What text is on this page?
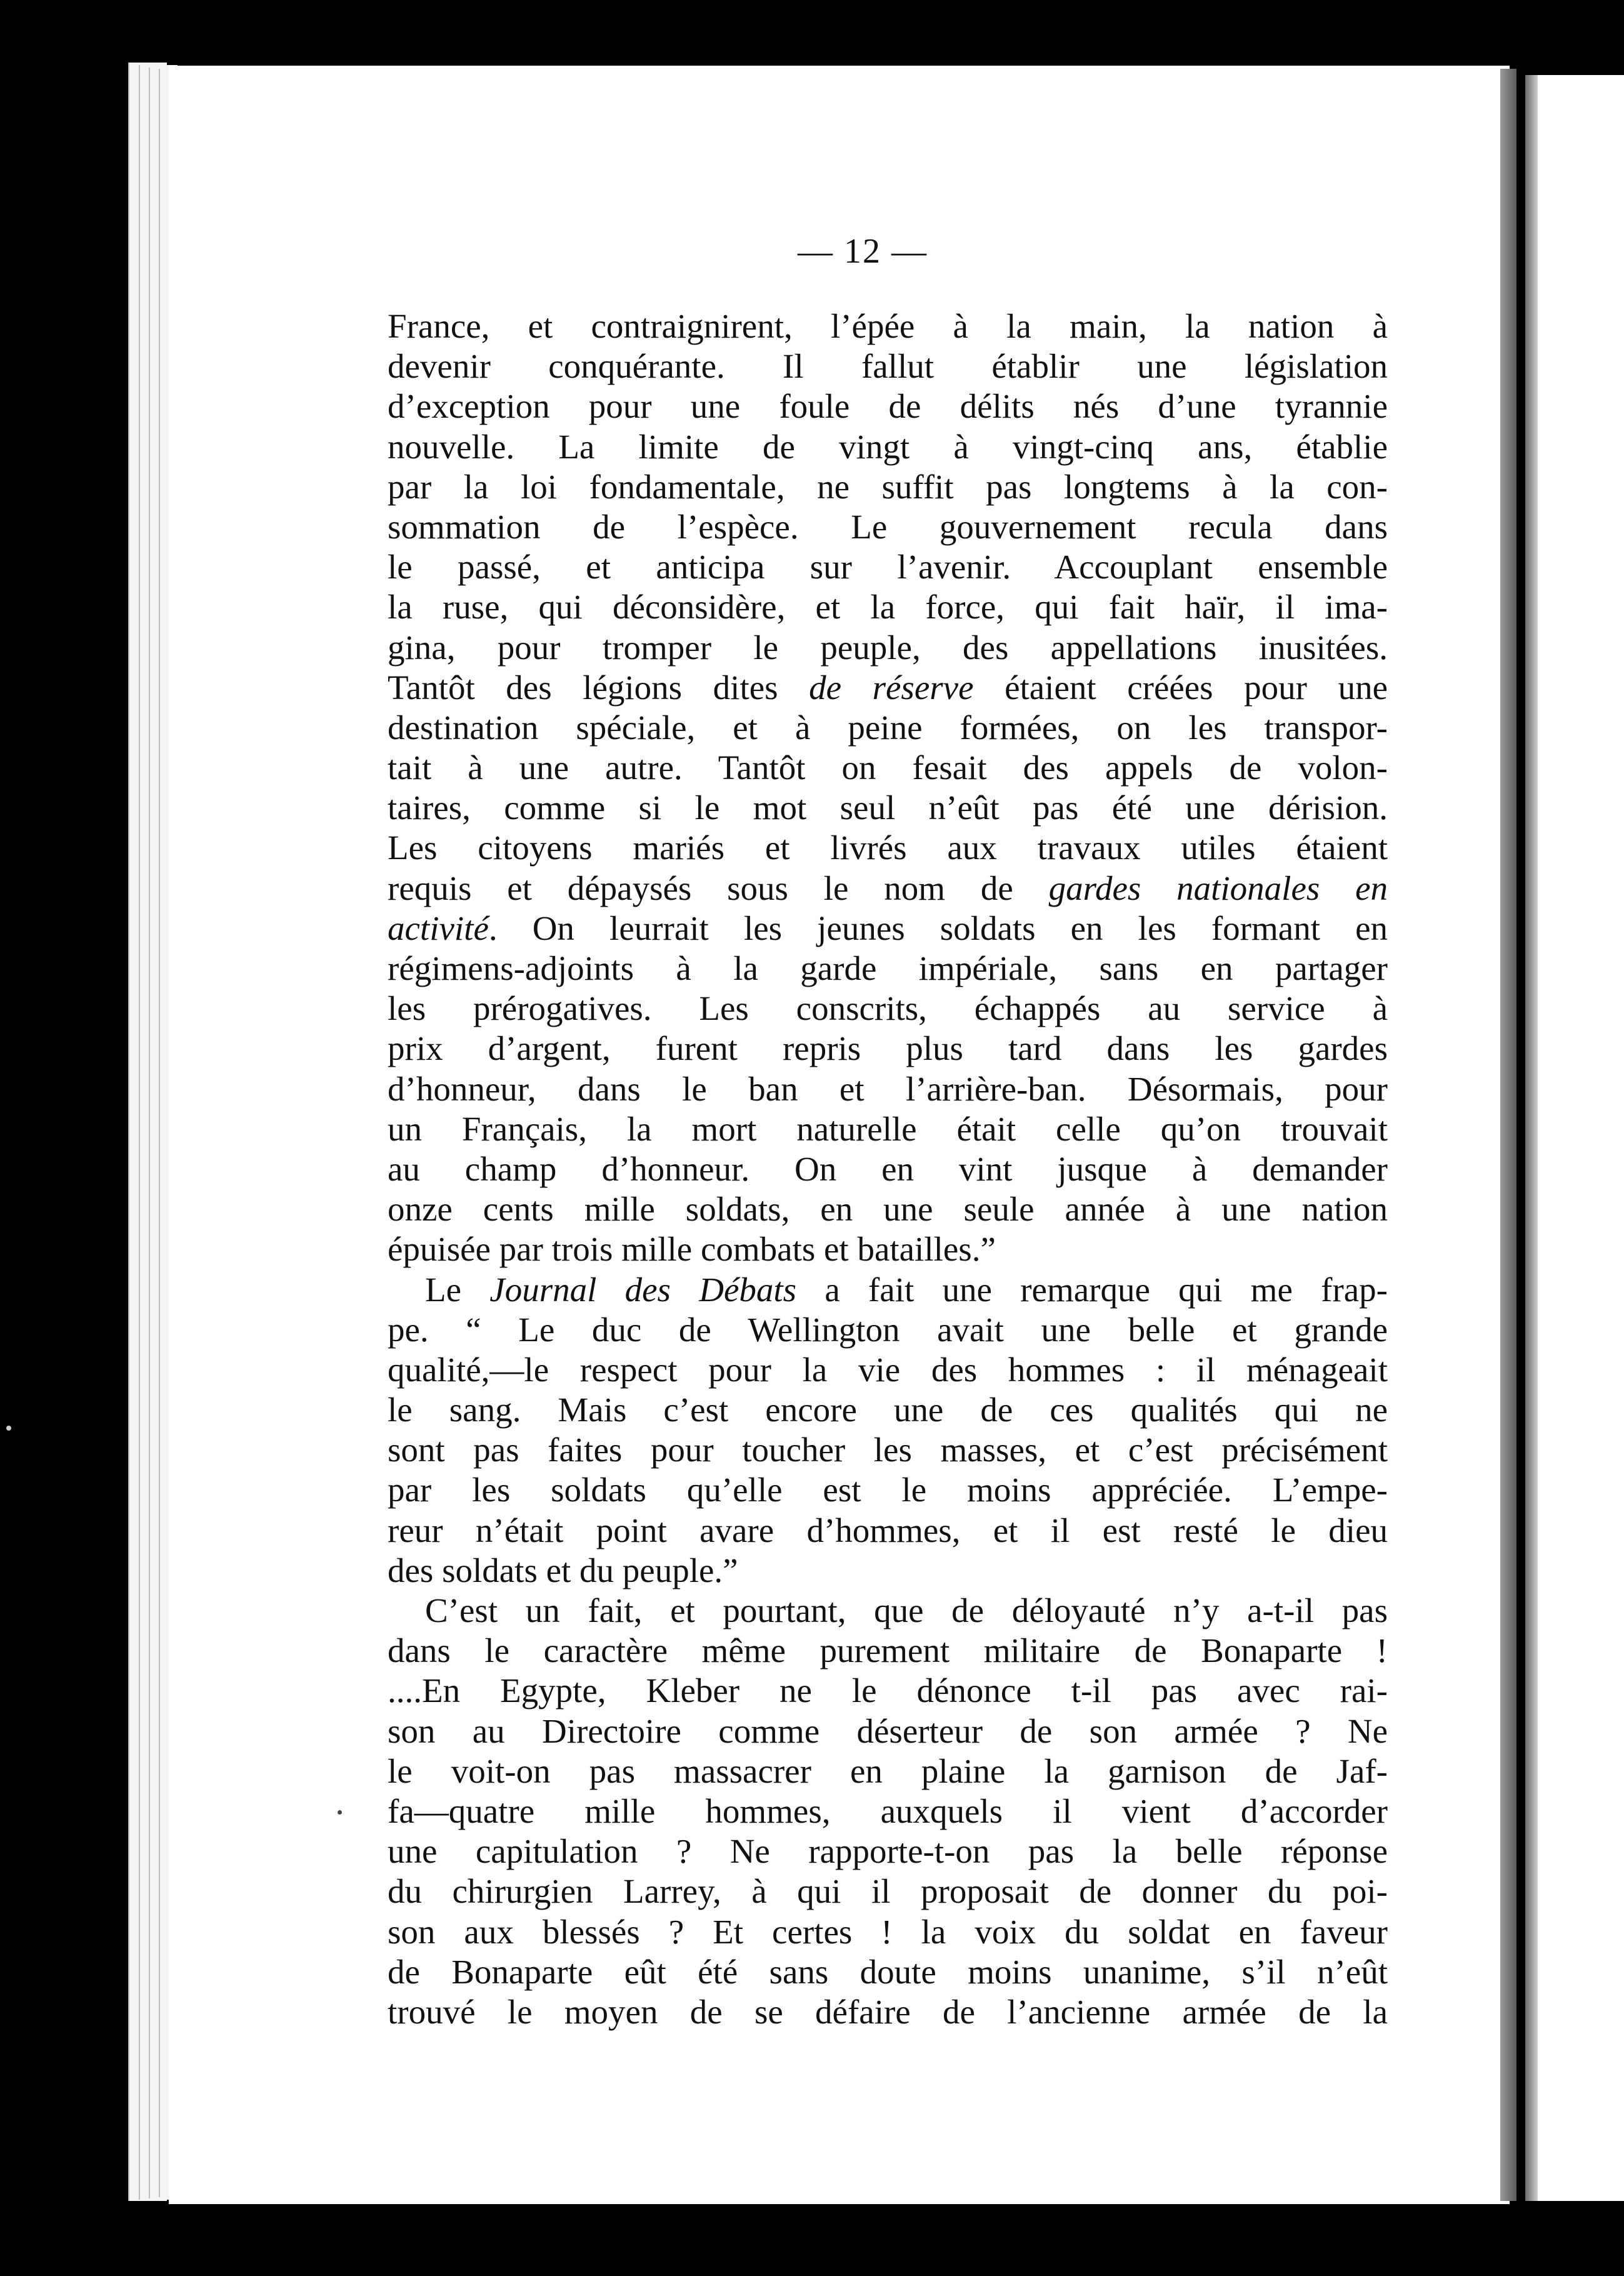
— 12 —
France, et contraignirent, l’épée à la main, la nation à
devenir conquérante. Il fallut établir une législation
d’exception pour une foule de délits nés d’une tyrannie
nouvelle. La limite de vingt à vingt-cinq ans, établie
par la loi fondamentale, ne suffit pas longtems à la con-
sommation de l’espèce. Le gouvernement recula dans
le passé, et anticipa sur l’avenir. Accouplant ensemble
la ruse, qui déconsidère, et la force, qui fait haïr, il ima-
gina, pour tromper le peuple, des appellations inusitées.
Tantôt des légions dites de réserve étaient créées pour une
destination spéciale, et à peine formées, on les transpor-
tait à une autre. Tantôt on fesait des appels de volon-
taires, comme si le mot seul n’eût pas été une dérision.
Les citoyens mariés et livrés aux travaux utiles étaient
requis et dépaysés sous le nom de gardes nationales en
activité. On leurrait les jeunes soldats en les formant en
régimens-adjoints à la garde impériale, sans en partager
les prérogatives. Les conscrits, échappés au service à
prix d’argent, furent repris plus tard dans les gardes
d’honneur, dans le ban et l’arrière-ban. Désormais, pour
un Français, la mort naturelle était celle qu’on trouvait
au champ d’honneur. On en vint jusque à demander
onze cents mille soldats, en une seule année à une nation
épuisée par trois mille combats et batailles.”
Le Journal des Débats a fait une remarque qui me frap-
pe. “ Le duc de Wellington avait une belle et grande
qualité,—le respect pour la vie des hommes : il ménageait
le sang. Mais c’est encore une de ces qualités qui ne
sont pas faites pour toucher les masses, et c’est précisément
par les soldats qu’elle est le moins appréciée. L’empe-
reur n’était point avare d’hommes, et il est resté le dieu
des soldats et du peuple.”
C’est un fait, et pourtant, que de déloyauté n’y a-t-il pas
dans le caractère même purement militaire de Bonaparte !
....En Egypte, Kleber ne le dénonce t-il pas avec rai-
son au Directoire comme déserteur de son armée ? Ne
le voit-on pas massacrer en plaine la garnison de Jaf-
fa—quatre mille hommes, auxquels il vient d’accorder
une capitulation ? Ne rapporte-t-on pas la belle réponse
du chirurgien Larrey, à qui il proposait de donner du poi-
son aux blessés ? Et certes ! la voix du soldat en faveur
de Bonaparte eût été sans doute moins unanime, s’il n’eût
trouvé le moyen de se défaire de l’ancienne armée de la
